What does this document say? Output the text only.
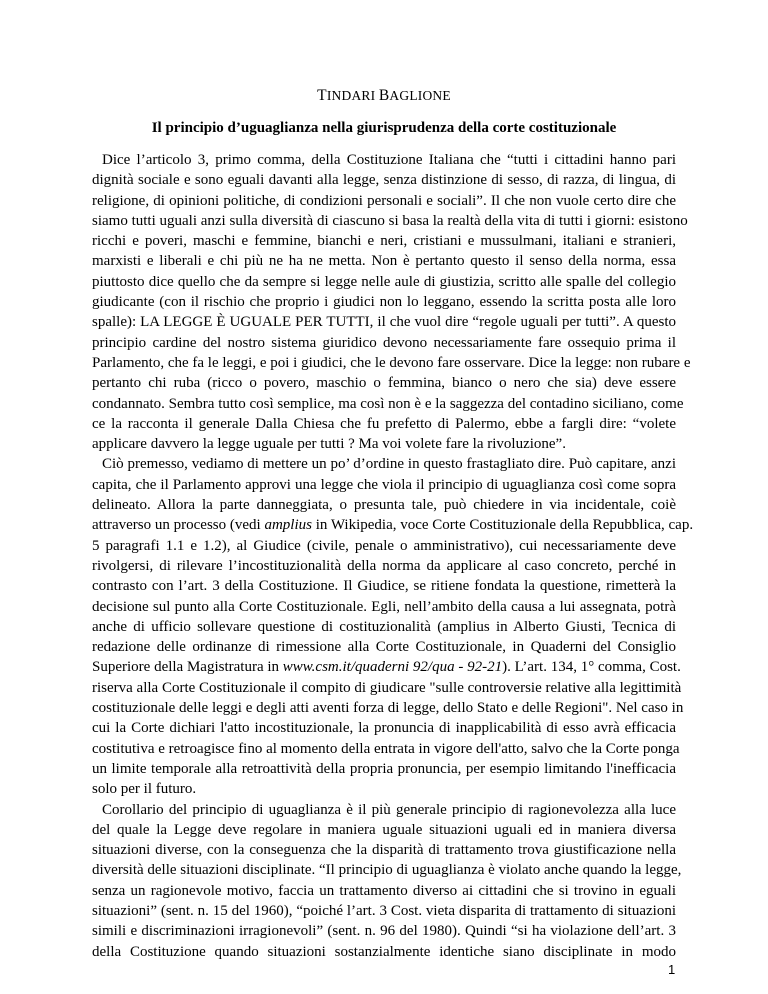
TINDARI BAGLIONE
Il principio d’uguaglianza nella giurisprudenza della corte costituzionale
Dice l’articolo 3, primo comma, della Costituzione Italiana che “tutti i cittadini hanno pari
dignità sociale e sono eguali davanti alla legge, senza distinzione di sesso, di razza, di lingua, di
religione, di opinioni politiche, di condizioni personali e sociali”. Il che non vuole certo dire che
siamo tutti uguali anzi sulla diversità di ciascuno si basa la realtà della vita di tutti i giorni: esistono
ricchi e poveri, maschi e femmine, bianchi e neri, cristiani e mussulmani, italiani e stranieri,
marxisti e liberali e chi più ne ha ne metta. Non è pertanto questo il senso della norma, essa
piuttosto dice quello che da sempre si legge nelle aule di giustizia, scritto alle spalle del collegio
giudicante (con il rischio che proprio i giudici non lo leggano, essendo la scritta posta alle loro
spalle): LA LEGGE È UGUALE PER TUTTI, il che vuol dire “regole uguali per tutti”. A questo
principio cardine del nostro sistema giuridico devono necessariamente fare ossequio prima il
Parlamento, che fa le leggi, e poi i giudici, che le devono fare osservare. Dice la legge: non rubare e
pertanto chi ruba (ricco o povero, maschio o femmina, bianco o nero che sia) deve essere
condannato. Sembra tutto così semplice, ma così non è e la saggezza del contadino siciliano, come
ce la racconta il generale Dalla Chiesa che fu prefetto di Palermo, ebbe a fargli dire: “volete
applicare davvero la legge uguale per tutti ? Ma voi volete fare la rivoluzione”.
Ciò premesso, vediamo di mettere un po’ d’ordine in questo frastagliato dire. Può capitare, anzi
capita, che il Parlamento approvi una legge che viola il principio di uguaglianza così come sopra
delineato. Allora la parte danneggiata, o presunta tale, può chiedere in via incidentale, coiè
attraverso un processo (vedi amplius in Wikipedia, voce Corte Costituzionale della Repubblica, cap.
5 paragrafi 1.1 e 1.2), al Giudice (civile, penale o amministrativo), cui necessariamente deve
rivolgersi, di rilevare l’incostituzionalità della norma da applicare al caso concreto, perché in
contrasto con l’art. 3 della Costituzione. Il Giudice, se ritiene fondata la questione, rimetterà la
decisione sul punto alla Corte Costituzionale. Egli, nell’ambito della causa a lui assegnata, potrà
anche di ufficio sollevare questione di costituzionalità (amplius in Alberto Giusti, Tecnica di
redazione delle ordinanze di rimessione alla Corte Costituzionale, in Quaderni del Consiglio
Superiore della Magistratura in www.csm.it/quaderni 92/qua - 92-21). L’art. 134, 1° comma, Cost.
riserva alla Corte Costituzionale il compito di giudicare "sulle controversie relative alla legittimità
costituzionale delle leggi e degli atti aventi forza di legge, dello Stato e delle Regioni". Nel caso in
cui la Corte dichiari l'atto incostituzionale, la pronuncia di inapplicabilità di esso avrà efficacia
costitutiva e retroagisce fino al momento della entrata in vigore dell'atto, salvo che la Corte ponga
un limite temporale alla retroattività della propria pronuncia, per esempio limitando l'inefficacia
solo per il futuro.
Corollario del principio di uguaglianza è il più generale principio di ragionevolezza alla luce
del quale la Legge deve regolare in maniera uguale situazioni uguali ed in maniera diversa
situazioni diverse, con la conseguenza che la disparità di trattamento trova giustificazione nella
diversità delle situazioni disciplinate. “Il principio di uguaglianza è violato anche quando la legge,
senza un ragionevole motivo, faccia un trattamento diverso ai cittadini che si trovino in eguali
situazioni” (sent. n. 15 del 1960), “poiché l’art. 3 Cost. vieta disparita di trattamento di situazioni
simili e discriminazioni irragionevoli” (sent. n. 96 del 1980). Quindi “si ha violazione dell’art. 3
della Costituzione quando situazioni sostanzialmente identiche siano disciplinate in modo
1
